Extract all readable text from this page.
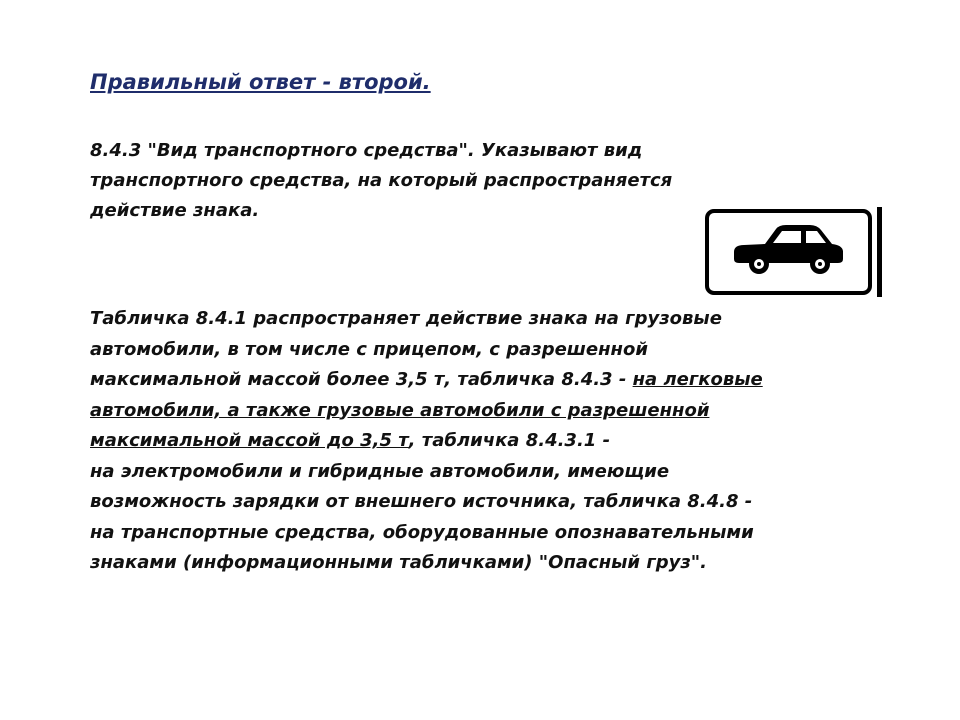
Правильный ответ - второй.
8.4.3 "Вид транспортного средства". Указывают вид
транспортного средства, на который распространяется
действие знака.
Табличка 8.4.1 распространяет действие знака на грузовые
автомобили, в том числе с прицепом, с разрешенной
максимальной массой более 3,5 т, табличка 8.4.3 - на легковые
автомобили, а также грузовые автомобили с разрешенной
максимальной массой до 3,5 т, табличка 8.4.3.1 -
на электромобили и гибридные автомобили, имеющие
возможность зарядки от внешнего источника, табличка 8.4.8 -
на транспортные средства, оборудованные опознавательными
знаками (информационными табличками) "Опасный груз".
